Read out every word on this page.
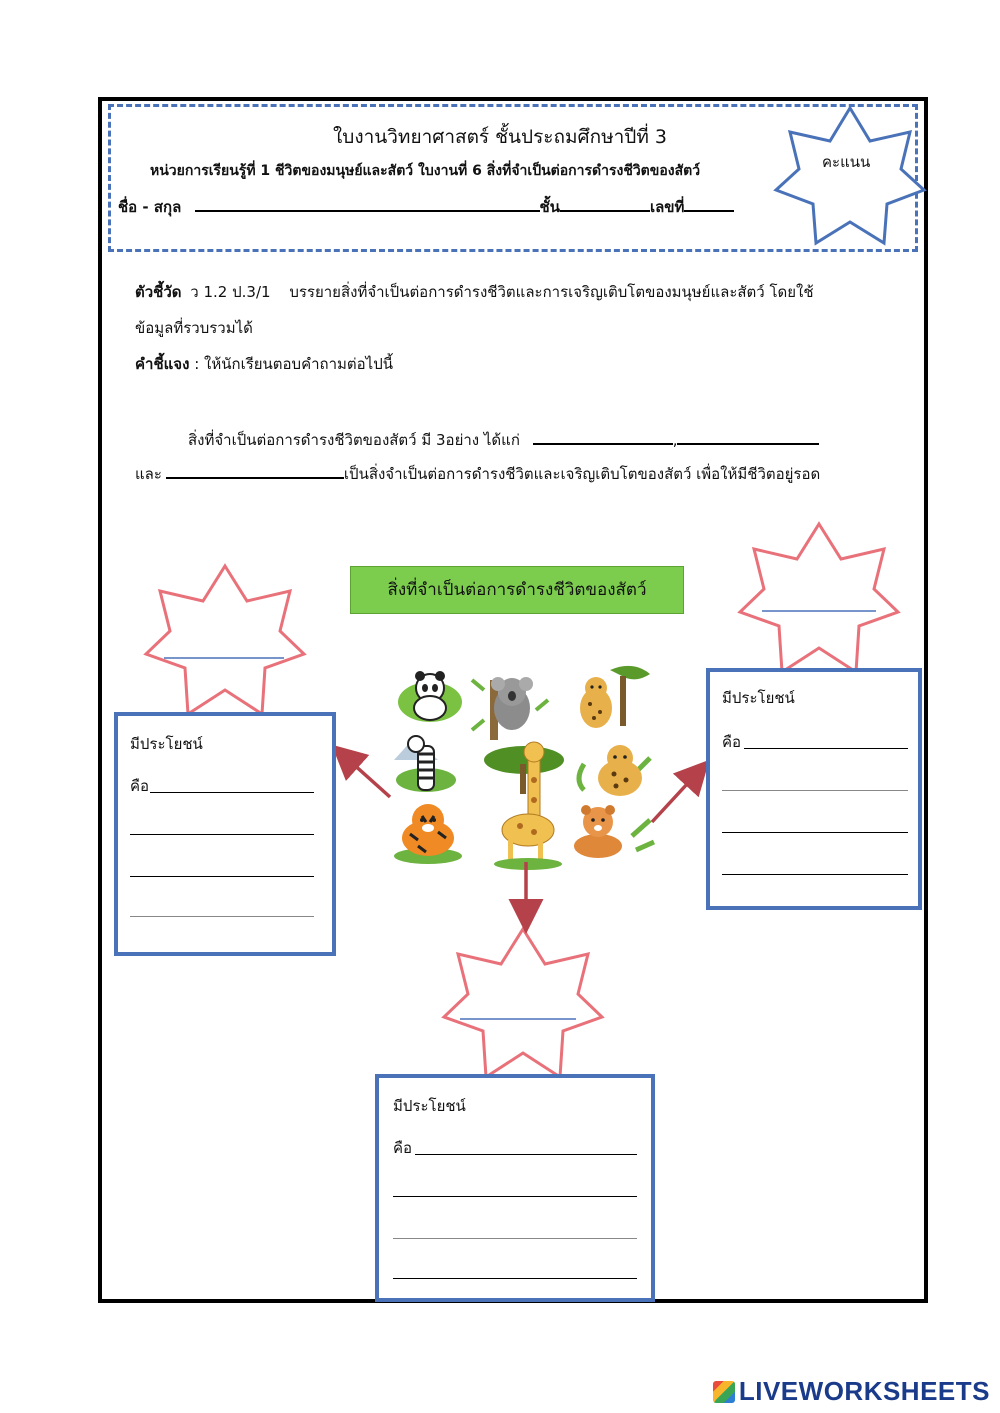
ใบงานวิทยาศาสตร์ ชั้นประถมศึกษาปีที่ 3
หน่วยการเรียนรู้ที่ 1 ชีวิตของมนุษย์และสัตว์ ใบงานที่ 6 สิ่งที่จำเป็นต่อการดำรงชีวิตของสัตว์
ชื่อ - สกุล	ชั้น	เลขที่
คะแนน
ตัวชี้วัด ว 1.2 ป.3/1 บรรยายสิ่งที่จำเป็นต่อการดำรงชีวิตและการเจริญเติบโตของมนุษย์และสัตว์ โดยใช้
ข้อมูลที่รวบรวมได้
คำชี้แจง : ให้นักเรียนตอบคำถามต่อไปนี้
สิ่งที่จำเป็นต่อการดำรงชีวิตของสัตว์ มี 3อย่าง ได้แก่	,
และ	เป็นสิ่งจำเป็นต่อการดำรงชีวิตและเจริญเติบโตของสัตว์ เพื่อให้มีชีวิตอยู่รอด
สิ่งที่จำเป็นต่อการดำรงชีวิตของสัตว์
มีประโยชน์
คือ
มีประโยชน์
คือ
มีประโยชน์
คือ
LIVEWORKSHEETS
